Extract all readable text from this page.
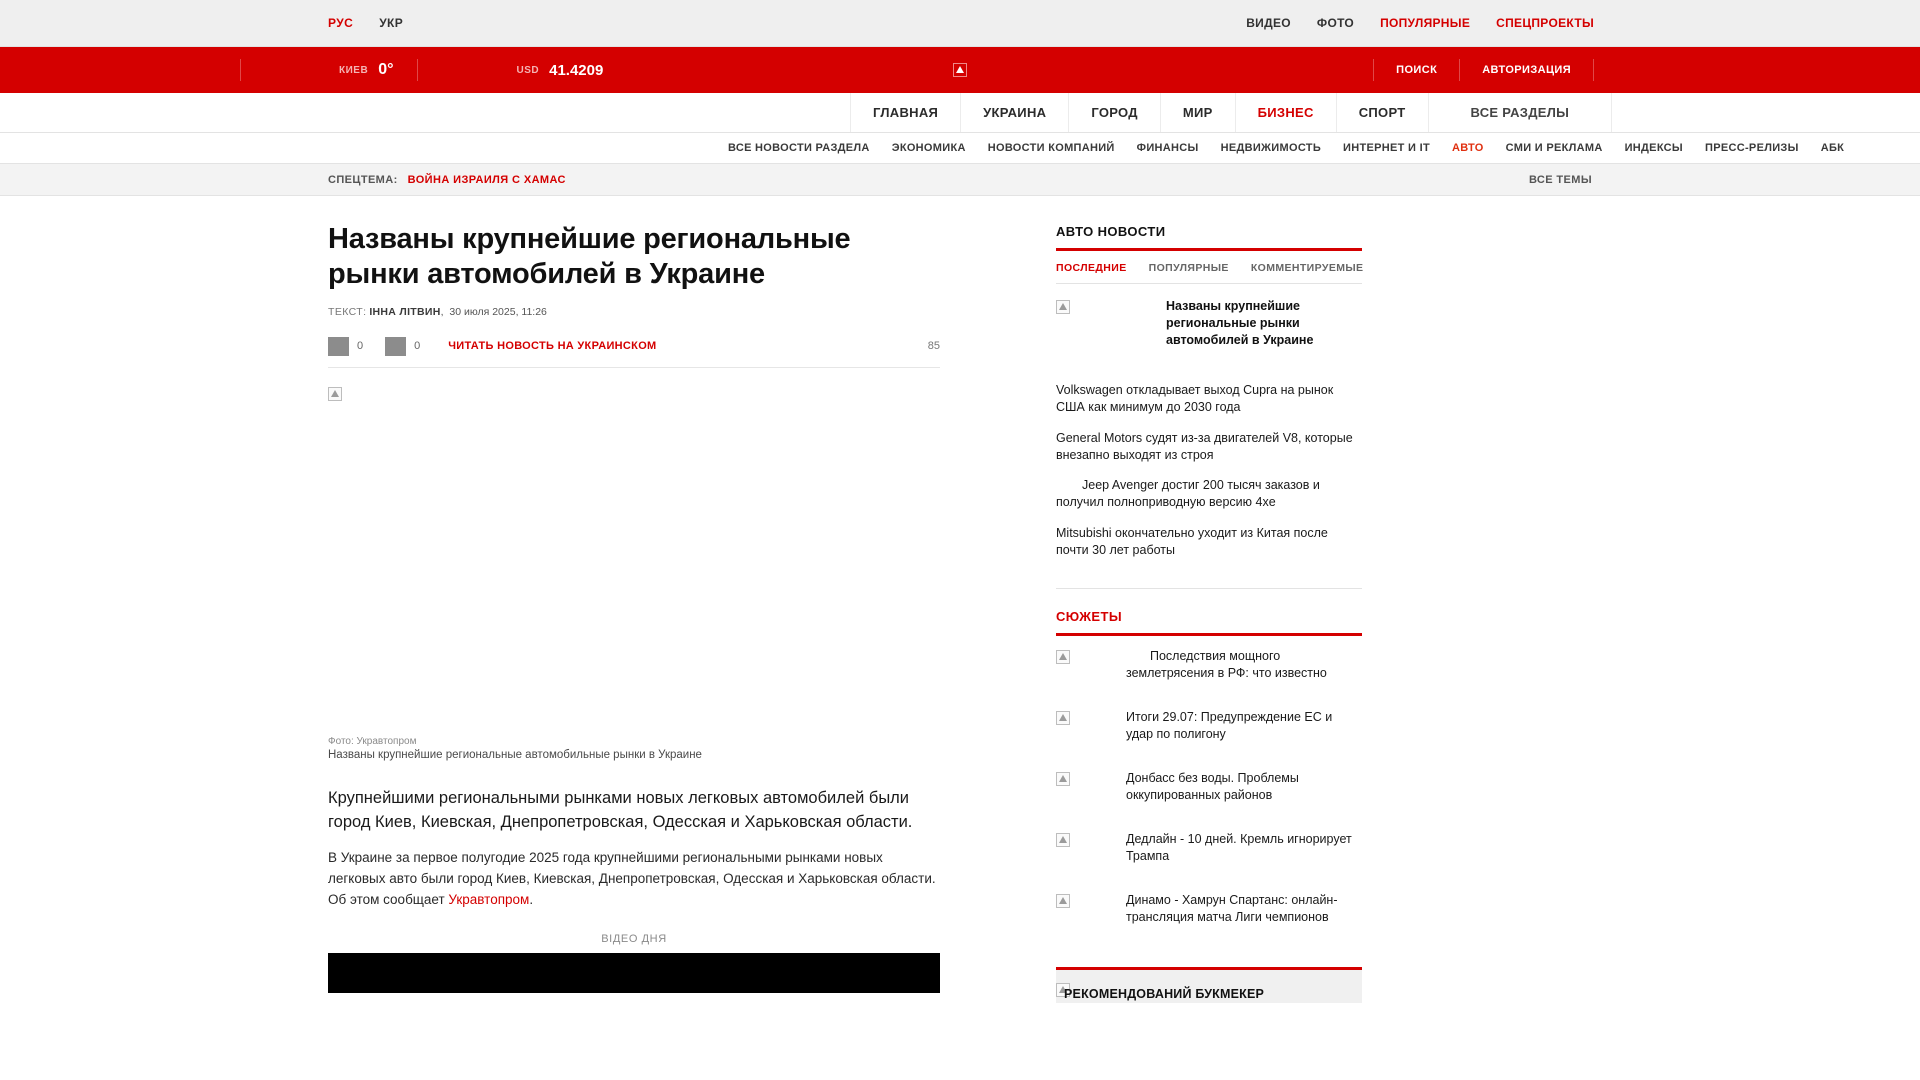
РУС УКР	ВИДЕО ФОТО ПОПУЛЯРНЫЕ СПЕЦПРОЕКТЫ
КИЕВ 0°	USD 41.4209	ПОИСК	АВТОРИЗАЦИЯ
ГЛАВНАЯ	УКРАИНА	ГОРОД	МИР	БИЗНЕС	СПОРТ	ВСЕ РАЗДЕЛЫ
ВСЕ НОВОСТИ РАЗДЕЛА ЭКОНОМИКА НОВОСТИ КОМПАНИЙ ФИНАНСЫ НЕДВИЖИМОСТЬ ИНТЕРНЕТ И IT АВТО СМИ И РЕКЛАМА ИНДЕКСЫ ПРЕСС-РЕЛИЗЫ АБК
СПЕЦТЕМА: ВОЙНА ИЗРАИЛЯ С ХАМАС	ВСЕ ТЕМЫ
Названы крупнейшие региональные рынки автомобилей в Украине
ТЕКСТ: ІННА ЛІТВИН,  30 июля 2025, 11:26
0	0	ЧИТАТЬ НОВОСТЬ НА УКРАИНСКОМ	85
Фото: Укравтопром
Названы крупнейшие региональные автомобильные рынки в Украине

Крупнейшими региональными рынками новых легковых автомобилей были город Киев, Киевская, Днепропетровская, Одесская и Харьковская области.

В Украине за первое полугодие 2025 года крупнейшими региональными рынками новых легковых авто были город Киев, Киевская, Днепропетровская, Одесская и Харьковская области. Об этом сообщает Укравтопром.

ВІДЕО ДНЯ
АВТО НОВОСТИ
ПОСЛЕДНИЕ ПОПУЛЯРНЫЕ КОММЕНТИРУЕМЫЕ
Названы крупнейшие региональные рынки автомобилей в Украине
Volkswagen откладывает выход Cupra на рынок США как минимум до 2030 года
General Motors судят из-за двигателей V8, которые внезапно выходят из строя
Jeep Avenger достиг 200 тысяч заказов и получил полноприводную версию 4xe
Mitsubishi окончательно уходит из Китая после почти 30 лет работы
СЮЖЕТЫ
Последствия мощного землетрясения в РФ: что известно
Итоги 29.07: Предупреждение ЕС и удар по полигону
Донбасс без воды. Проблемы оккупированных районов
Дедлайн - 10 дней. Кремль игнорирует Трампа
Динамо - Хамрун Спартанс: онлайн-трансляция матча Лиги чемпионов
РЕКОМЕНДОВАНИЙ БУКМЕКЕР
